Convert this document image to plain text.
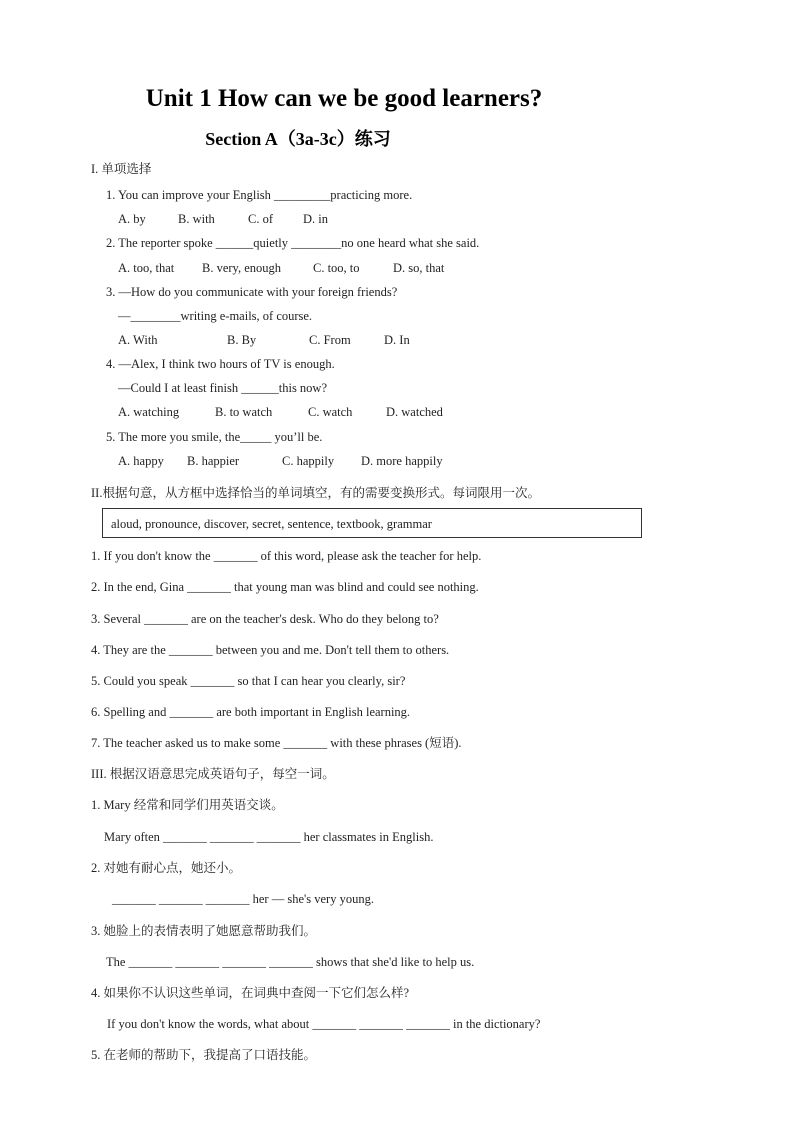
Unit 1 How can we be good learners?
Section A（3a-3c）练习
I. 单项选择
1. You can improve your English _________practicing more.
A. by	B. with	C. of D. in
2. The reporter spoke ______quietly ________no one heard what she said.
A. too, that B. very, enough	C. too, to	D. so, that
3. —How do you communicate with your foreign friends?
—________writing e-mails, of course.
A. With	B. By	C. From	D. In
4. —Alex, I think two hours of TV is enough.
—Could I at least finish ______this now?
A. watching	B. to watch	C. watch	D. watched
5. The more you smile, the_____ you’ll be.
A. happy B. happier	C. happily D. more happily
II.根据句意，从方框中选择恰当的单词填空，有的需要变换形式。每词限用一次。
aloud, pronounce, discover, secret, sentence, textbook, grammar
1. If you don't know the _______ of this word, please ask the teacher for help.
2. In the end, Gina _______ that young man was blind and could see nothing.
3. Several _______ are on the teacher's desk. Who do they belong to?
4. They are the _______ between you and me. Don't tell them to others.
5. Could you speak _______ so that I can hear you clearly, sir?
6. Spelling and _______ are both important in English learning.
7. The teacher asked us to make some _______ with these phrases (短语).
III. 根据汉语意思完成英语句子，每空一词。
1. Mary 经常和同学们用英语交谈。
Mary often _______ _______ _______ her classmates in English.
2. 对她有耐心点，她还小。
_______ _______ _______ her — she's very young.
3. 她脸上的表情表明了她愿意帮助我们。
The _______ _______ _______ _______ shows that she'd like to help us.
4. 如果你不认识这些单词，在词典中查阅一下它们怎么样?
If you don't know the words, what about _______ _______ _______ in the dictionary?
5. 在老师的帮助下，我提高了口语技能。
